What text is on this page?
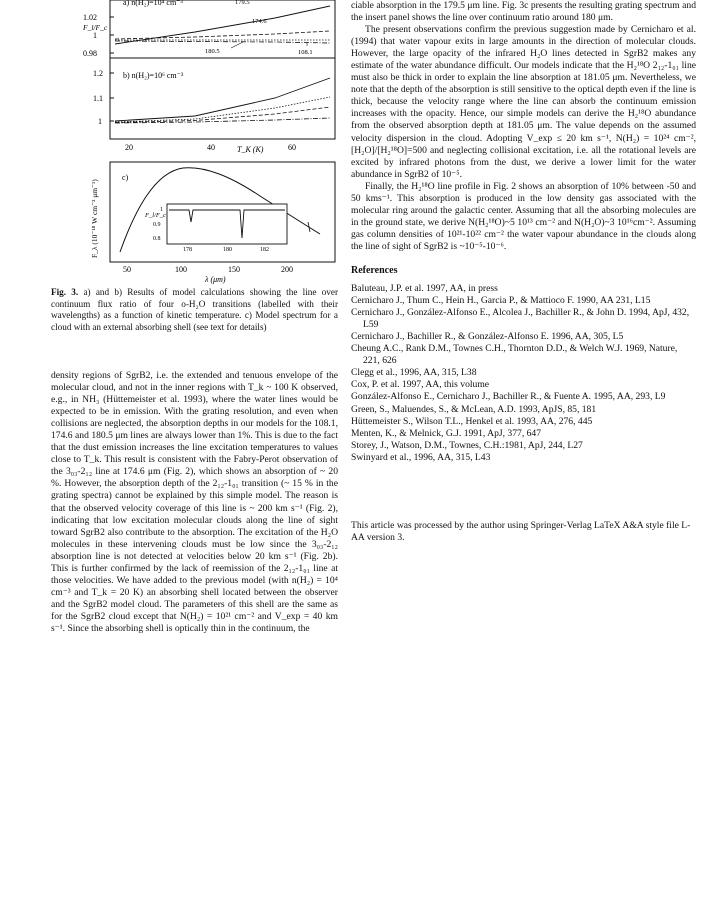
a) n(H₂)=10⁴ cm⁻³
1.02
1
0.98
F_l/F_c
174.6
180.5	108.1
179.5
b) n(H₂)=10⁶ cm⁻³
1.2
1.1
1
20	40	60
T_K (K)
c)
F_λ (10⁻¹⁸ W cm⁻² μm⁻¹)	F_l/F_c
1
0.9
0.8
178	180	182
50	100	150	200
λ (μm)
Fig. 3. a) and b) Results of model calculations showing the line over continuum flux ratio of four o-H₂O transitions (labelled with their wavelengths) as a function of kinetic temperature. c) Model spectrum for a cloud with an external absorbing shell (see text for details)

density regions of SgrB2, i.e. the extended and tenuous envelope of the molecular cloud, and not in the inner regions with T_k ~ 100 K observed, e.g., in NH₃ (Hüttemeister et al. 1993), where the water lines would be expected to be in emission. With the grating resolution, and even when collisions are neglected, the absorption depths in our models for the 108.1, 174.6 and 180.5 μm lines are always lower than 1%. This is due to the fact that the dust emission increases the line excitation temperatures to values close to T_k. This result is consistent with the Fabry-Perot observation of the 3₀₃-2₁₂ line at 174.6 μm (Fig. 2), which shows an absorption of ~ 20 %. However, the absorption depth of the 2₁₂-1₀₁ transition (~ 15 % in the grating spectra) cannot be explained by this simple model. The reason is that the observed velocity coverage of this line is ~ 200 km s⁻¹ (Fig. 2), indicating that low excitation molecular clouds along the line of sight toward SgrB2 also contribute to the absorption. The excitation of the H₂O molecules in these intervening clouds must be low since the 3₀₃-2₁₂ absorption line is not detected at velocities below 20 km s⁻¹ (Fig. 2b). This is further confirmed by the lack of reemission of the 2₁₂-1₀₁ line at those velocities. We have added to the previous model (with n(H₂) = 10⁴ cm⁻³ and T_k = 20 K) an absorbing shell located between the observer and the SgrB2 model cloud. The parameters of this shell are the same as for the SgrB2 cloud except that N(H₂) = 10²¹ cm⁻² and V_exp = 40 km s⁻¹. Since the absorbing shell is optically thin in the continuum, the

ciable absorption in the 179.5 μm line. Fig. 3c presents the resulting grating spectrum and the insert panel shows the line over continuum ratio around 180 μm.

The present observations confirm the previous suggestion made by Cernicharo et al. (1994) that water vapour exits in large amounts in the direction of molecular clouds. However, the large opacity of the infrared H₂O lines detected in SgrB2 makes any estimate of the water abundance difficult. Our models indicate that the H₂¹⁸O 2₁₂-1₀₁ line must also be thick in order to explain the line absorption at 181.05 μm. Nevertheless, we note that the depth of the absorption is still sensitive to the optical depth even if the line is thick, because the velocity range where the line can absorb the continuum emission increases with the opacity. Hence, our simple models can derive the H₂¹⁸O abundance from the observed absorption depth at 181.05 μm. The value depends on the assumed velocity dispersion in the cloud. Adopting V_exp ≤ 20 km s⁻¹, N(H₂) = 10²⁴ cm⁻², [H₂O]/[H₂¹⁸O]=500 and neglecting collisional excitation, i.e. all the rotational levels are excited by infrared photons from the dust, we derive a lower limit for the water abundance in SgrB2 of 10⁻⁵.

Finally, the H₂¹⁸O line profile in Fig. 2 shows an absorption of 10% between -50 and 50 kms⁻¹. This absorption is produced in the low density gas associated with the molecular ring around the galactic center. Assuming that all the absorbing molecules are in the ground state, we derive N(H₂¹⁸O)~5 10¹³ cm⁻² and N(H₂O)~3 10¹⁶cm⁻². Assuming gas column densities of 10²¹-10²² cm⁻² the water vapour abundance in the clouds along the line of sight of SgrB2 is ~10⁻⁵-10⁻⁶.

References

Baluteau, J.P. et al. 1997, AA, in press

Cernicharo J., Thum C., Hein H., Garcia P., & Mattioco F. 1990, AA 231, L15

Cernicharo J., González-Alfonso E., Alcolea J., Bachiller R., & John D. 1994, ApJ, 432, L59

Cernicharo J., Bachiller R., & González-Alfonso E. 1996, AA, 305, L5

Cheung A.C., Rank D.M., Townes C.H., Thornton D.D., & Welch W.J. 1969, Nature, 221, 626

Clegg et al., 1996, AA, 315, L38

Cox, P. et al. 1997, AA, this volume

González-Alfonso E., Cernicharo J., Bachiller R., & Fuente A. 1995, AA, 293, L9

Green, S., Maluendes, S., & McLean, A.D. 1993, ApJS, 85, 181

Hüttemeister S., Wilson T.L., Henkel et al. 1993, AA, 276, 445

Menten, K., & Melnick, G.J. 1991, ApJ, 377, 647

Storey, J., Watson, D.M., Townes, C.H.:1981, ApJ, 244, L27

Swinyard et al., 1996, AA, 315, L43

This article was processed by the author using Springer-Verlag LaTeX A&A style file L-AA version 3.
